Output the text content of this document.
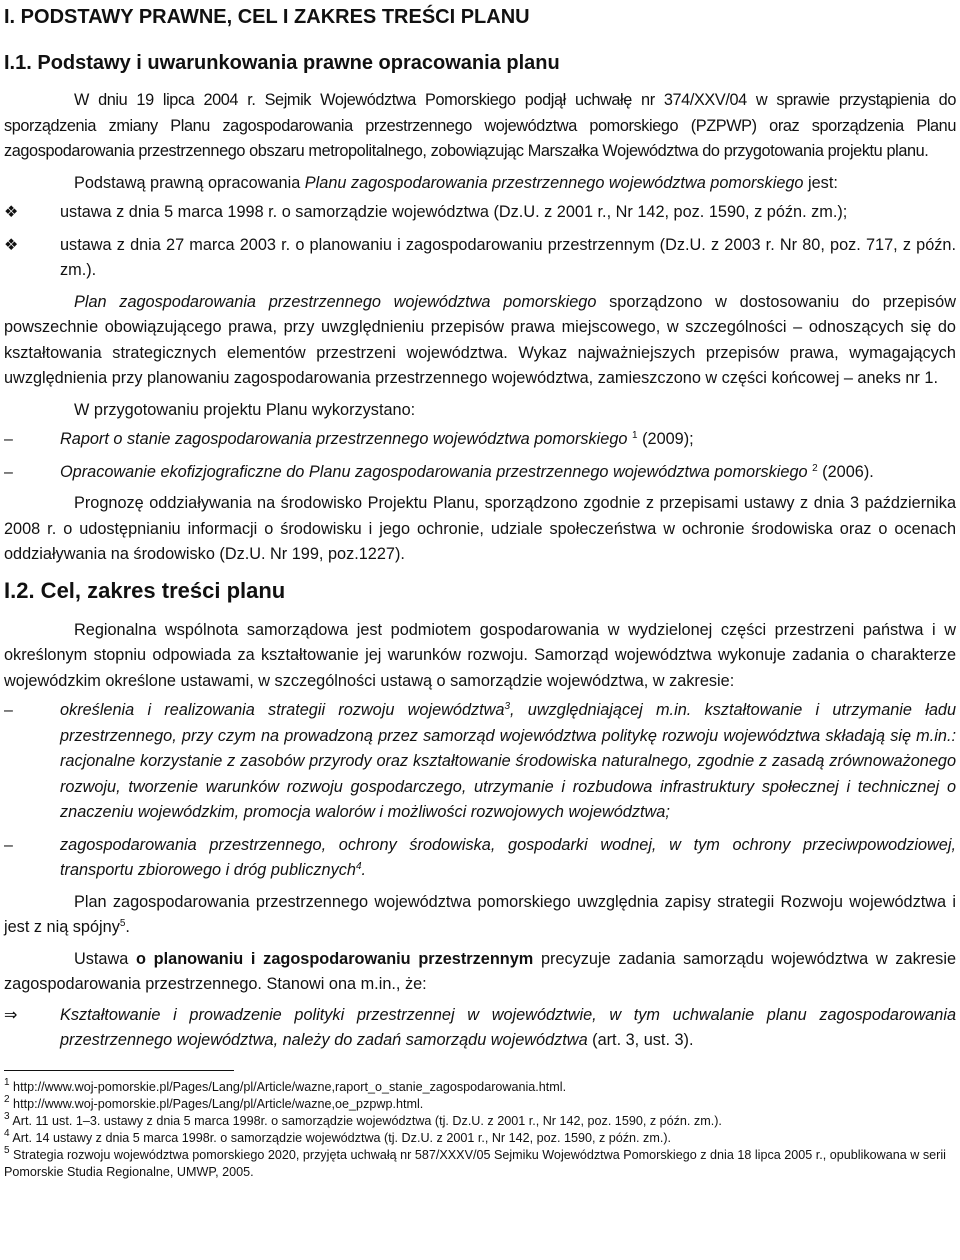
I. PODSTAWY PRAWNE, CEL I ZAKRES TREŚCI PLANU
I.1. Podstawy i uwarunkowania prawne opracowania planu

W dniu 19 lipca 2004 r. Sejmik Województwa Pomorskiego podjął uchwałę nr 374/XXV/04 w sprawie przystąpienia do sporządzenia zmiany Planu zagospodarowania przestrzennego województwa pomorskiego (PZPWP) oraz sporządzenia Planu zagospodarowania przestrzennego obszaru metropolitalnego, zobowiązując Marszałka Województwa do przygotowania projektu planu.

Podstawą prawną opracowania Planu zagospodarowania przestrzennego województwa pomorskiego jest:

❖	ustawa z dnia 5 marca 1998 r. o samorządzie województwa (Dz.U. z 2001 r., Nr 142, poz. 1590, z późn. zm.);
❖	ustawa z dnia 27 marca 2003 r. o planowaniu i zagospodarowaniu przestrzennym (Dz.U. z 2003 r. Nr 80, poz. 717, z późn. zm.).

Plan zagospodarowania przestrzennego województwa pomorskiego sporządzono w dostosowaniu do przepisów powszechnie obowiązującego prawa, przy uwzględnieniu przepisów prawa miejscowego, w szczególności – odnoszących się do kształtowania strategicznych elementów przestrzeni województwa. Wykaz najważniejszych przepisów prawa, wymagających uwzględnienia przy planowaniu zagospodarowania przestrzennego województwa, zamieszczono w części końcowej – aneks nr 1.

W przygotowaniu projektu Planu wykorzystano:

–	Raport o stanie zagospodarowania przestrzennego województwa pomorskiego $^1$ (2009);
–	Opracowanie ekofizjograficzne do Planu zagospodarowania przestrzennego województwa pomorskiego $^2$ (2006).

Prognozę oddziaływania na środowisko Projektu Planu, sporządzono zgodnie z przepisami ustawy z dnia 3 października 2008 r. o udostępnianiu informacji o środowisku i jego ochronie, udziale społeczeństwa w ochronie środowiska oraz o ocenach oddziaływania na środowisko (Dz.U. Nr 199, poz.1227).

I.2. Cel, zakres treści planu

Regionalna wspólnota samorządowa jest podmiotem gospodarowania w wydzielonej części przestrzeni państwa i w określonym stopniu odpowiada za kształtowanie jej warunków rozwoju. Samorząd województwa wykonuje zadania o charakterze wojewódzkim określone ustawami, w szczególności ustawą o samorządzie województwa, w zakresie:

–	określenia i realizowania strategii rozwoju województwa$^3$, uwzględniającej m.in. kształtowanie i utrzymanie ładu przestrzennego, przy czym na prowadzoną przez samorząd województwa politykę rozwoju województwa składają się m.in.: racjonalne korzystanie z zasobów przyrody oraz kształtowanie środowiska naturalnego, zgodnie z zasadą zrównoważonego rozwoju, tworzenie warunków rozwoju gospodarczego, utrzymanie i rozbudowa infrastruktury społecznej i technicznej o znaczeniu wojewódzkim, promocja walorów i możliwości rozwojowych województwa;
–	zagospodarowania przestrzennego, ochrony środowiska, gospodarki wodnej, w tym ochrony przeciwpowodziowej, transportu zbiorowego i dróg publicznych$^4$.

Plan zagospodarowania przestrzennego województwa pomorskiego uwzględnia zapisy strategii Rozwoju województwa i jest z nią spójny$^5$.

Ustawa o planowaniu i zagospodarowaniu przestrzennym precyzuje zadania samorządu województwa w zakresie zagospodarowania przestrzennego. Stanowi ona m.in., że:

⇒	Kształtowanie i prowadzenie polityki przestrzennej w województwie, w tym uchwalanie planu zagospodarowania przestrzennego województwa, należy do zadań samorządu województwa (art. 3, ust. 3).

$^1$ http://www.woj-pomorskie.pl/Pages/Lang/pl/Article/wazne,raport_o_stanie_zagospodarowania.html.

$^2$ http://www.woj-pomorskie.pl/Pages/Lang/pl/Article/wazne,oe_pzpwp.html.

$^3$ Art. 11 ust. 1–3. ustawy z dnia 5 marca 1998r. o samorządzie województwa (tj. Dz.U. z 2001 r., Nr 142, poz. 1590, z późn. zm.).

$^4$ Art. 14 ustawy z dnia 5 marca 1998r. o samorządzie województwa (tj. Dz.U. z 2001 r., Nr 142, poz. 1590, z późn. zm.).

$^5$ Strategia rozwoju województwa pomorskiego 2020, przyjęta uchwałą nr 587/XXXV/05 Sejmiku Województwa Pomorskiego z dnia 18 lipca 2005 r., opublikowana w serii Pomorskie Studia Regionalne, UMWP, 2005.
